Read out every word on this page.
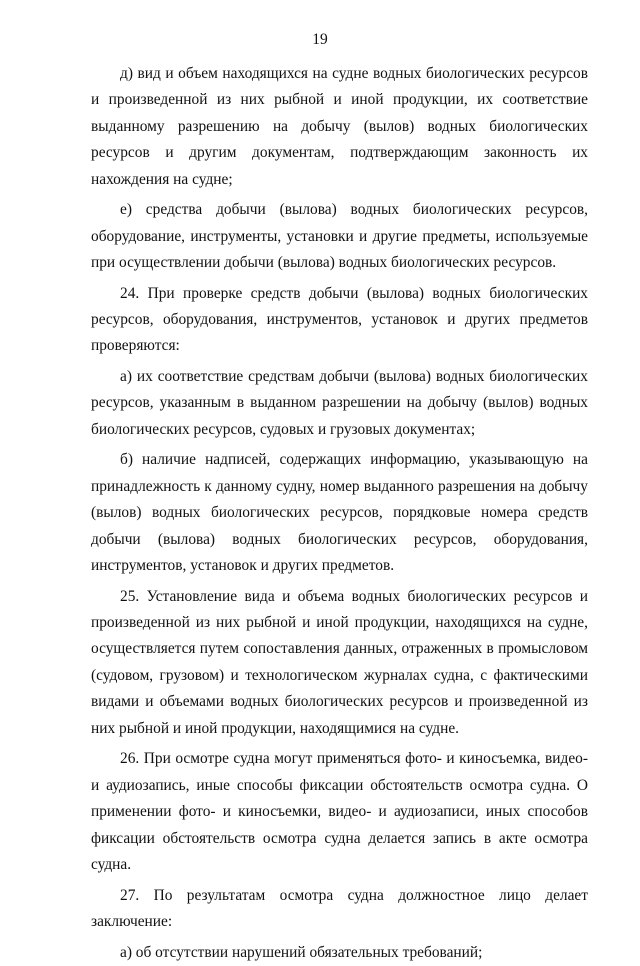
19

д) вид и объем находящихся на судне водных биологических ресурсов и произведенной из них рыбной и иной продукции, их соответствие выданному разрешению на добычу (вылов) водных биологических ресурсов и другим документам, подтверждающим законность их нахождения на судне;

е) средства добычи (вылова) водных биологических ресурсов, оборудование, инструменты, установки и другие предметы, используемые при осуществлении добычи (вылова) водных биологических ресурсов.

24. При проверке средств добычи (вылова) водных биологических ресурсов, оборудования, инструментов, установок и других предметов проверяются:

а) их соответствие средствам добычи (вылова) водных биологических ресурсов, указанным в выданном разрешении на добычу (вылов) водных биологических ресурсов, судовых и грузовых документах;

б) наличие надписей, содержащих информацию, указывающую на принадлежность к данному судну, номер выданного разрешения на добычу (вылов) водных биологических ресурсов, порядковые номера средств добычи (вылова) водных биологических ресурсов, оборудования, инструментов, установок и других предметов.

25. Установление вида и объема водных биологических ресурсов и произведенной из них рыбной и иной продукции, находящихся на судне, осуществляется путем сопоставления данных, отраженных в промысловом (судовом, грузовом) и технологическом журналах судна, с фактическими видами и объемами водных биологических ресурсов и произведенной из них рыбной и иной продукции, находящимися на судне.

26. При осмотре судна могут применяться фото- и киносъемка, видео- и аудиозапись, иные способы фиксации обстоятельств осмотра судна. О применении фото- и киносъемки, видео- и аудиозаписи, иных способов фиксации обстоятельств осмотра судна делается запись в акте осмотра судна.

27. По результатам осмотра судна должностное лицо делает заключение:

а) об отсутствии нарушений обязательных требований;
